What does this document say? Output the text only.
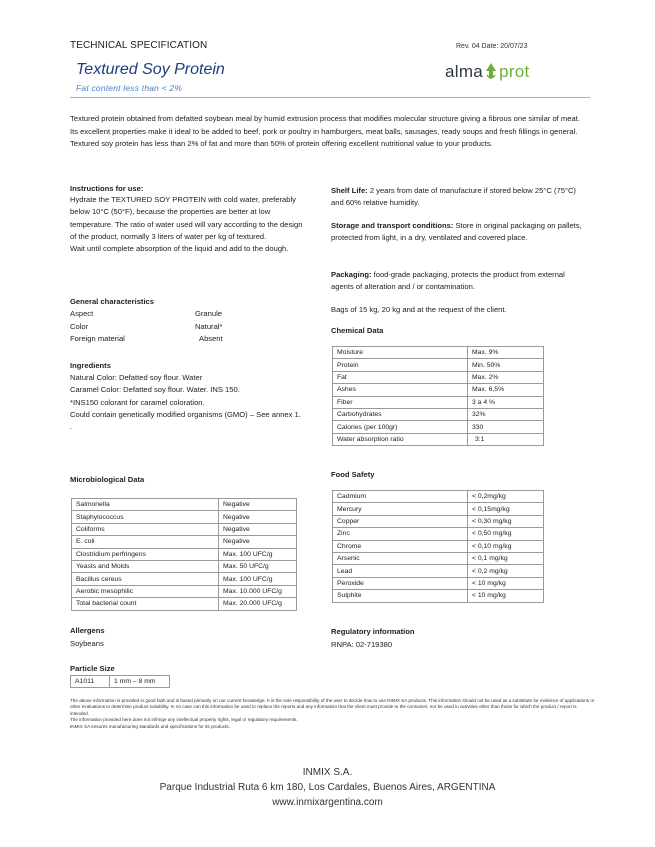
TECHNICAL SPECIFICATION	Rev. 04 Date: 20/07/23
Textured Soy Protein
Fat content less than < 2%
alma prot

Textured protein obtained from defatted soybean meal by humid extrusion process that modifies molecular structure giving a fibrous one similar of meat.

Its excellent properties make it ideal to be added to beef, pork or poultry in hamburgers, meat balls, sausages, ready soups and fresh fillings in general.

Textured soy protein has less than 2% of fat and more than 50% of protein offering excellent nutritional value to your products.

Instructions for use:
Hydrate the TEXTURED SOY PROTEIN with cold water, preferably below 10°C (50°F), because the properties are better at low temperature. The ratio of water used will vary according to the design of the product, normally 3 liters of water per kg of textured.
Wait until complete absorption of the liquid and add to the dough.
General characteristics
Aspect	Granule
Color	Natural*
Foreign material	Absent
Ingredients
Natural Color: Defatted soy flour. Water
Caramel Color: Defatted soy flour. Water. INS 150.
*INS150 colorant for caramel coloration.
Could contain genetically modified organisms (GMO) – See annex 1.
.
Shelf Life: 2 years from date of manufacture if stored below 25°C (75°C) and 60% relative humidity.
Storage and transport conditions: Store in original packaging on pallets, protected from light, in a dry, ventilated and covered place.
Packaging: food-grade packaging, protects the product from external agents of alteration and / or contamination.
Bags of 15 kg, 20 kg and at the request of the client.
Chemical Data
Moisture	Max. 9%
Protein	Min. 50%
Fat	Max. 2%
Ashes	Max. 6,5%
Fiber	3 a 4 %
Carbohydrates	32%
Calories (per 100gr)	330
Water absorption ratio	3:1
Microbiological Data
Salmonella	Negative
Staphylococcus	Negative
Coliforms	Negative
E. coli	Negative
Clostridium perfringens	Max. 100 UFC/g
Yeasts and Molds	Max. 50 UFC/g
Bacillus cereus	Max. 100 UFC/g
Aerobic mesophilic	Max. 10.000 UFC/g
Total bacterial count	Max. 20.000 UFC/g
Food Safety
Cadmium	< 0,2mg/kg
Mercury	< 0,15mg/kg
Copper	< 0,30 mg/kg
Zinc	< 0,50 mg/kg
Chrome	< 0,10 mg/kg
Arsenic	< 0,1 mg/kg
Lead	< 0,2 mg/kg
Peroxide	< 10 mg/kg
Sulphite	< 10 mg/kg
Allergens
Soybeans
Regulatory information
RNPA: 02-719380
Particle Size
A1011	1 mm – 8 mm
The above information is provided in good faith and is based primarily on our current knowledge. It is the sole responsibility of the user to decide how to use INMIX SA products. This information should not be used as a substitute for evidence of applications or other evaluations to determine product suitability. In no case can this information be used to replace the reports and any information that the client must provide to the consumer, nor be used in activities other than those for which the product / report is intended.
The information provided here does not infringe any intellectual property rights, legal or regulatory requirements.
INMIX SA ensures manufacturing standards and specifications for its products.
INMIX S.A.
Parque Industrial Ruta 6 km 180, Los Cardales, Buenos Aires, ARGENTINA
www.inmixargentina.com
